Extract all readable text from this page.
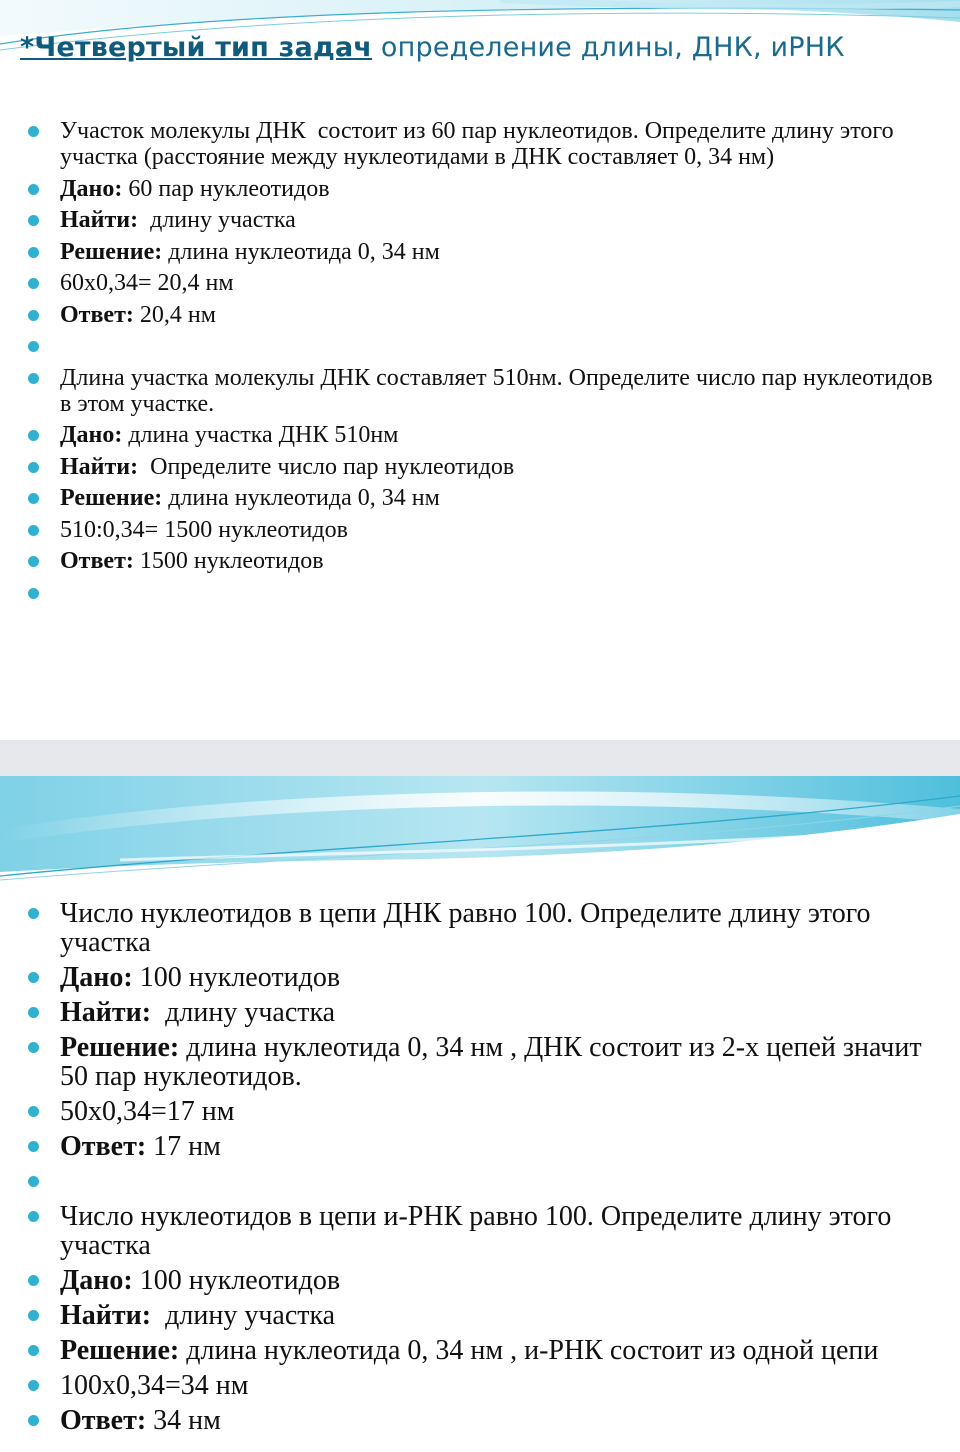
*Четвертый тип задач определение длины, ДНК, иРНК
Участок молекулы ДНК  состоит из 60 пар нуклеотидов. Определите длину этого участка (расстояние между нуклеотидами в ДНК составляет 0, 34 нм)
Дано: 60 пар нуклеотидов
Найти:  длину участка
Решение: длина нуклеотида 0, 34 нм
60х0,34= 20,4 нм
Ответ: 20,4 нм
Длина участка молекулы ДНК составляет 510нм. Определите число пар нуклеотидов в этом участке.
Дано: длина участка ДНК 510нм
Найти:  Определите число пар нуклеотидов
Решение: длина нуклеотида 0, 34 нм
510:0,34= 1500 нуклеотидов
Ответ: 1500 нуклеотидов
Число нуклеотидов в цепи ДНК равно 100. Определите длину этого участка
Дано: 100 нуклеотидов
Найти:  длину участка
Решение: длина нуклеотида 0, 34 нм , ДНК состоит из 2-х цепей значит 50 пар нуклеотидов.
50х0,34=17 нм
Ответ: 17 нм
Число нуклеотидов в цепи и-РНК равно 100. Определите длину этого участка
Дано: 100 нуклеотидов
Найти:  длину участка
Решение: длина нуклеотида 0, 34 нм , и-РНК состоит из одной цепи
100х0,34=34 нм
Ответ: 34 нм
